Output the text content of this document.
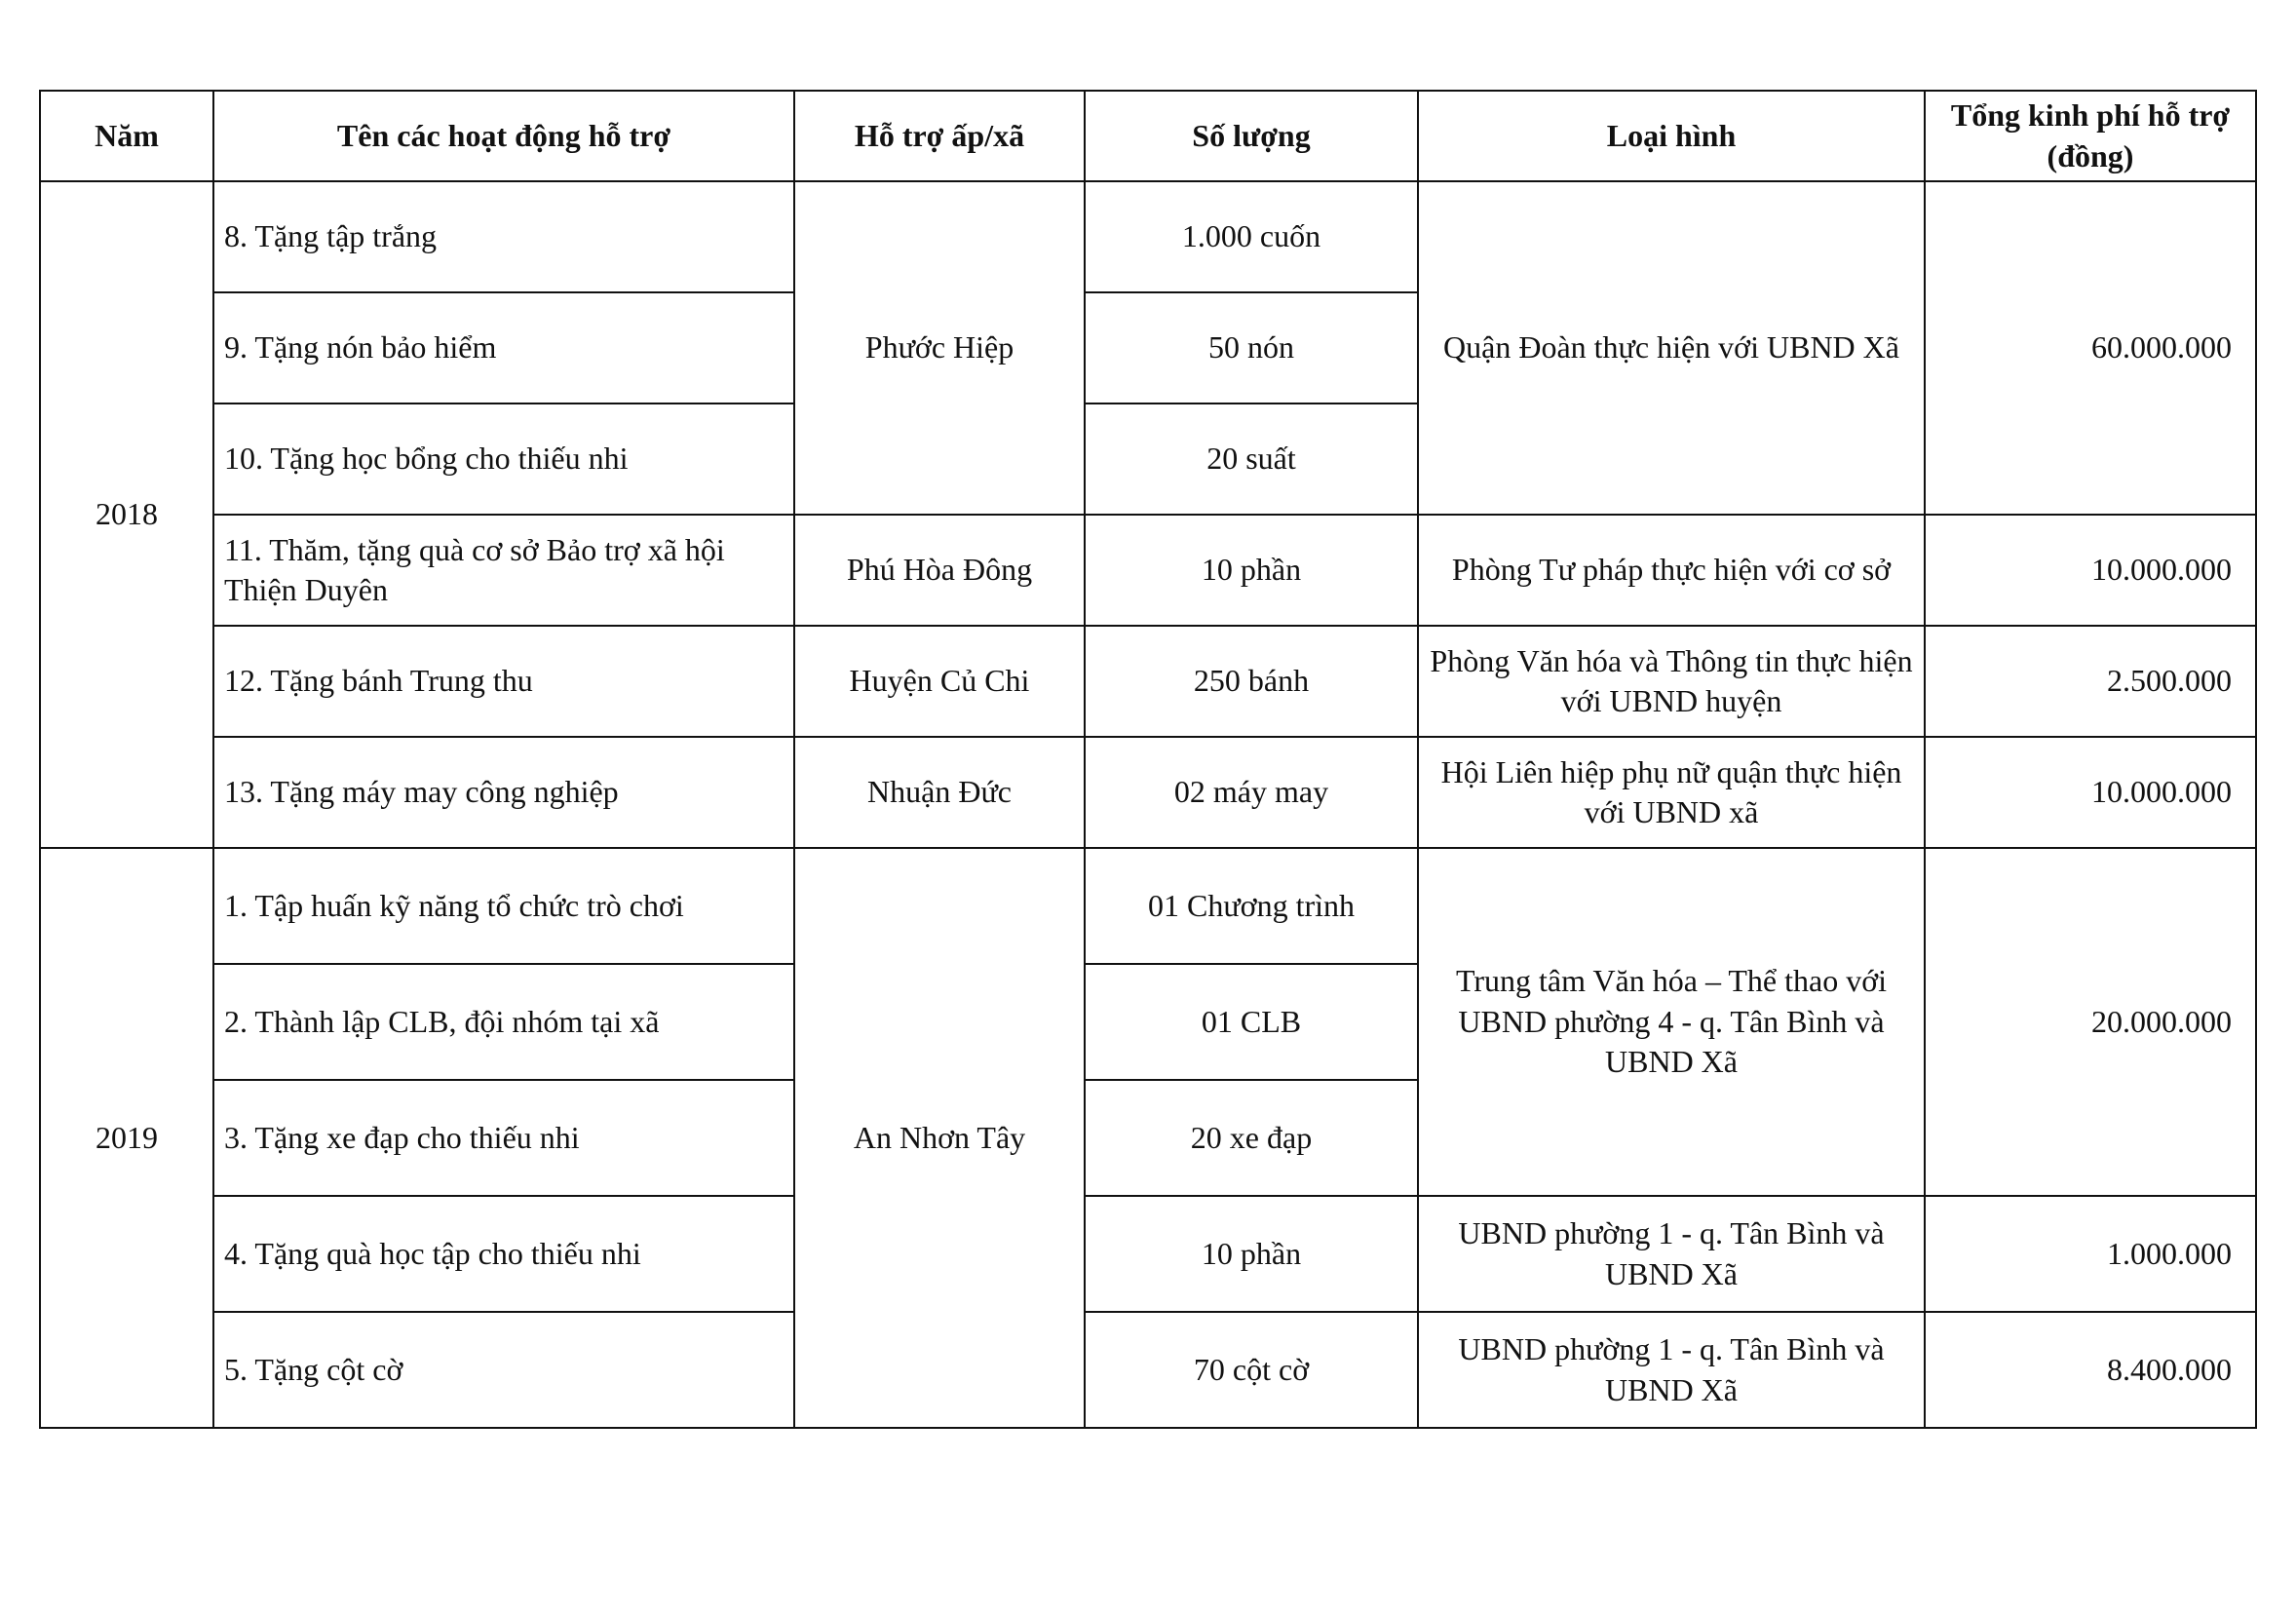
Năm	Tên các hoạt động hỗ trợ	Hỗ trợ ấp/xã	Số lượng	Loại hình	Tổng kinh phí hỗ trợ (đồng)
2018	8. Tặng tập trắng	Phước Hiệp	1.000 cuốn	Quận Đoàn thực hiện với UBND Xã	60.000.000
	9. Tặng nón bảo hiểm		50 nón		
	10. Tặng học bổng cho thiếu nhi		20 suất		
	11. Thăm, tặng quà cơ sở Bảo trợ xã hội Thiện Duyên	Phú Hòa Đông	10 phần	Phòng Tư pháp thực hiện với cơ sở	10.000.000
	12. Tặng bánh Trung thu	Huyện Củ Chi	250 bánh	Phòng Văn hóa và Thông tin thực hiện với UBND huyện	2.500.000
	13. Tặng máy may công nghiệp	Nhuận Đức	02 máy may	Hội Liên hiệp phụ nữ quận thực hiện với UBND xã	10.000.000
2019	1. Tập huấn kỹ năng tổ chức trò chơi	An Nhơn Tây	01 Chương trình	Trung tâm Văn hóa – Thể thao với UBND phường 4 - q. Tân Bình và UBND Xã	20.000.000
	2. Thành lập CLB, đội nhóm tại xã		01 CLB		
	3. Tặng xe đạp cho thiếu nhi		20 xe đạp		
	4. Tặng quà học tập cho thiếu nhi		10 phần	UBND phường 1 - q. Tân Bình và UBND Xã	1.000.000
	5. Tặng cột cờ		70 cột cờ	UBND phường 1 - q. Tân Bình và UBND Xã	8.400.000
